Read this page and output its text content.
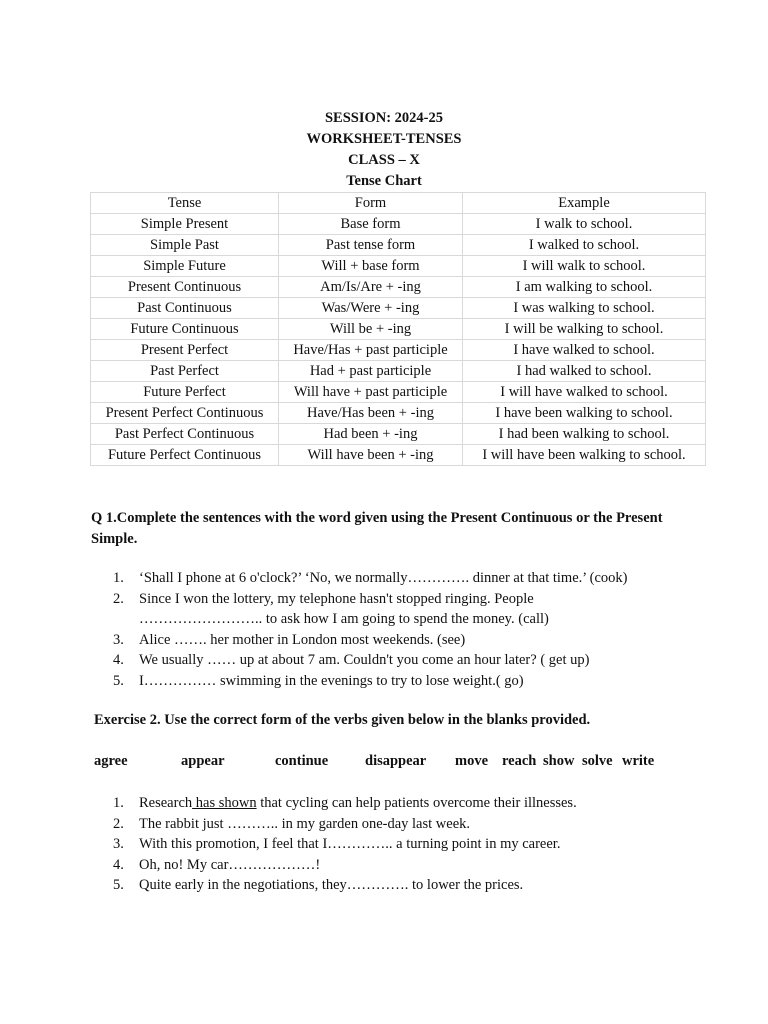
SESSION: 2024-25
WORKSHEET-TENSES
CLASS – X
Tense Chart
Tense	Form	Example
Simple Present	Base form	I walk to school.
Simple Past	Past tense form	I walked to school.
Simple Future	Will + base form	I will walk to school.
Present Continuous	Am/Is/Are + -ing	I am walking to school.
Past Continuous	Was/Were + -ing	I was walking to school.
Future Continuous	Will be + -ing	I will be walking to school.
Present Perfect	Have/Has + past participle	I have walked to school.
Past Perfect	Had + past participle	I had walked to school.
Future Perfect	Will have + past participle	I will have walked to school.
Present Perfect Continuous	Have/Has been + -ing	I have been walking to school.
Past Perfect Continuous	Had been + -ing	I had been walking to school.
Future Perfect Continuous	Will have been + -ing	I will have been walking to school.
Q 1.Complete the sentences with the word given using the Present Continuous or the Present Simple.
1. ‘Shall I phone at 6 o'clock?’ ‘No, we normally…………. dinner at that time.’ (cook)
2. Since I won the lottery, my telephone hasn't stopped ringing. People …………………….. to ask how I am going to spend the money. (call)
3. Alice ……. her mother in London most weekends. (see)
4. We usually …… up at about 7 am. Couldn't you come an hour later? ( get up)
5. I…………… swimming in the evenings to try to lose weight.( go)
Exercise 2. Use the correct form of the verbs given below in the blanks provided.
agree	appear	continue	disappear move reach show solve write
1. Research has shown that cycling can help patients overcome their illnesses.
2. The rabbit just ……….. in my garden one-day last week.
3. With this promotion, I feel that I………….. a turning point in my career.
4. Oh, no! My car………………!
5. Quite early in the negotiations, they…………. to lower the prices.
